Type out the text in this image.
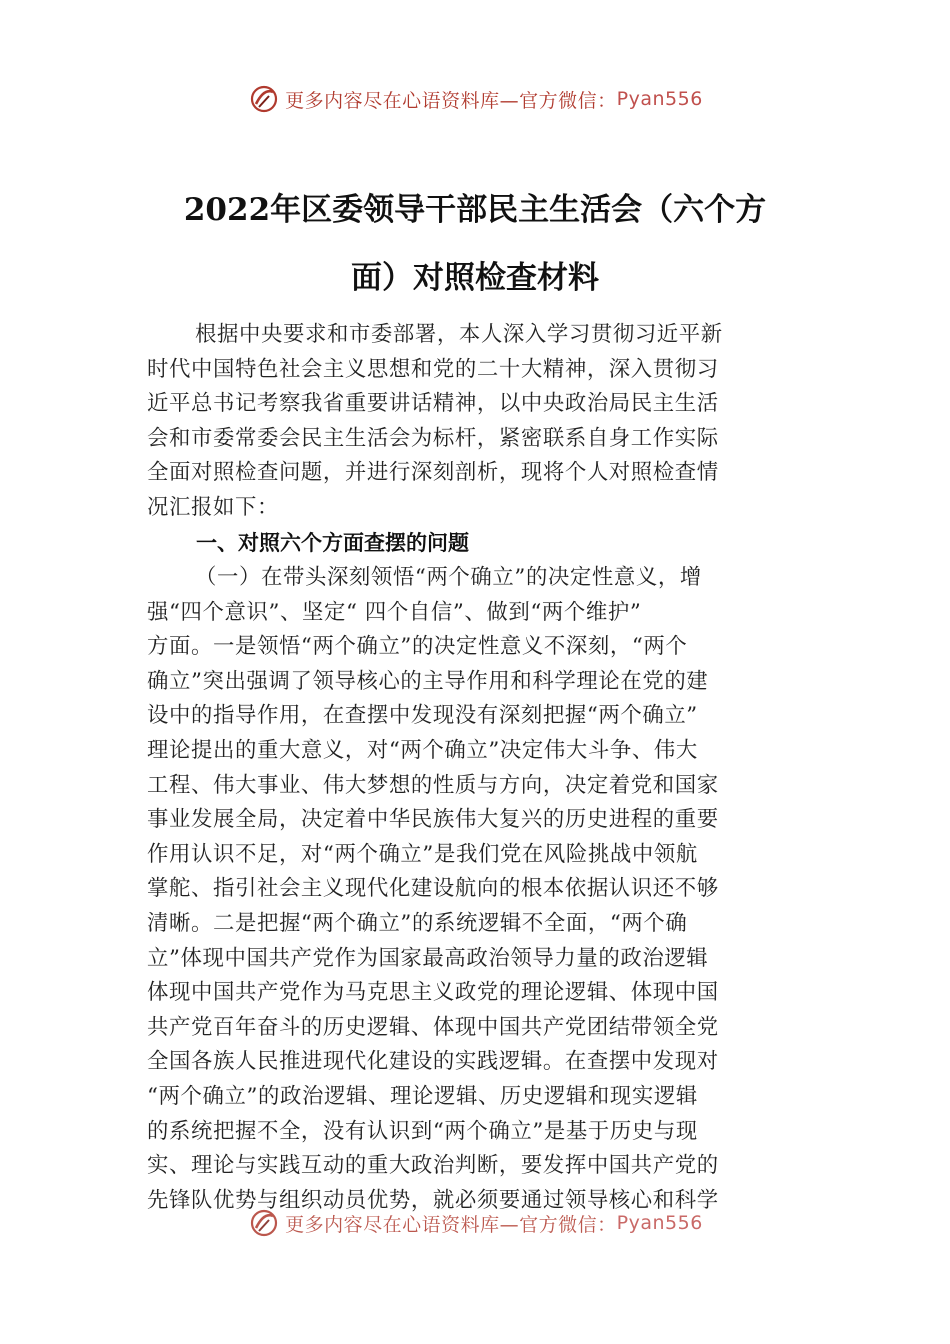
更多内容尽在心语资料库—官方微信： Pyan556
2022年区委领导干部民主生活会（六个方
面）对照检查材料
根据中央要求和市委部署，本人深入学习贯彻习近平新
时代中国特色社会主义思想和党的二十大精神，深入贯彻习
近平总书记考察我省重要讲话精神，以中央政治局民主生活
会和市委常委会民主生活会为标杆，紧密联系自身工作实际
全面对照检查问题，并进行深刻剖析，现将个人对照检查情
况汇报如下：
一、对照六个方面查摆的问题
（一）在带头深刻领悟“两个确立”的决定性意义，增
强“四个意识”、坚定“ 四个自信”、做到“两个维护”
方面。一是领悟“两个确立”的决定性意义不深刻，“两个
确立”突出强调了领导核心的主导作用和科学理论在党的建
设中的指导作用，在查摆中发现没有深刻把握“两个确立”
理论提出的重大意义，对“两个确立”决定伟大斗争、伟大
工程、伟大事业、伟大梦想的性质与方向，决定着党和国家
事业发展全局，决定着中华民族伟大复兴的历史进程的重要
作用认识不足，对“两个确立”是我们党在风险挑战中领航
掌舵、指引社会主义现代化建设航向的根本依据认识还不够
清晰。二是把握“两个确立”的系统逻辑不全面，“两个确
立”体现中国共产党作为国家最高政治领导力量的政治逻辑
体现中国共产党作为马克思主义政党的理论逻辑、体现中国
共产党百年奋斗的历史逻辑、体现中国共产党团结带领全党
全国各族人民推进现代化建设的实践逻辑。在查摆中发现对
“两个确立”的政治逻辑、理论逻辑、历史逻辑和现实逻辑
的系统把握不全，没有认识到“两个确立”是基于历史与现
实、理论与实践互动的重大政治判断，要发挥中国共产党的
先锋队优势与组织动员优势，就必须要通过领导核心和科学
更多内容尽在心语资料库—官方微信： Pyan556
